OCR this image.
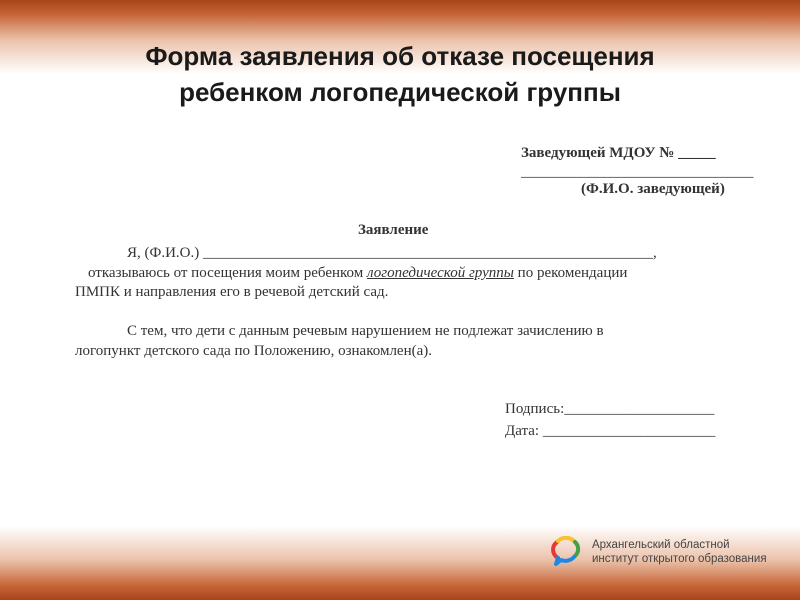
Форма заявления об отказе посещения
ребенком логопедической группы
Заведующей МДОУ № _____
_______________________________
(Ф.И.О. заведующей)
Заявление
Я, (Ф.И.О.) ____________________________________________________________,
отказываюсь от посещения моим ребенком логопедической группы по рекомендации
ПМПК и направления его в речевой детский сад.
С тем, что дети с данным речевым нарушением не подлежат зачислению в
логопункт детского сада по Положению, ознакомлен(а).
Подпись:____________________
Дата: _______________________
Архангельский областной
институт открытого образования
